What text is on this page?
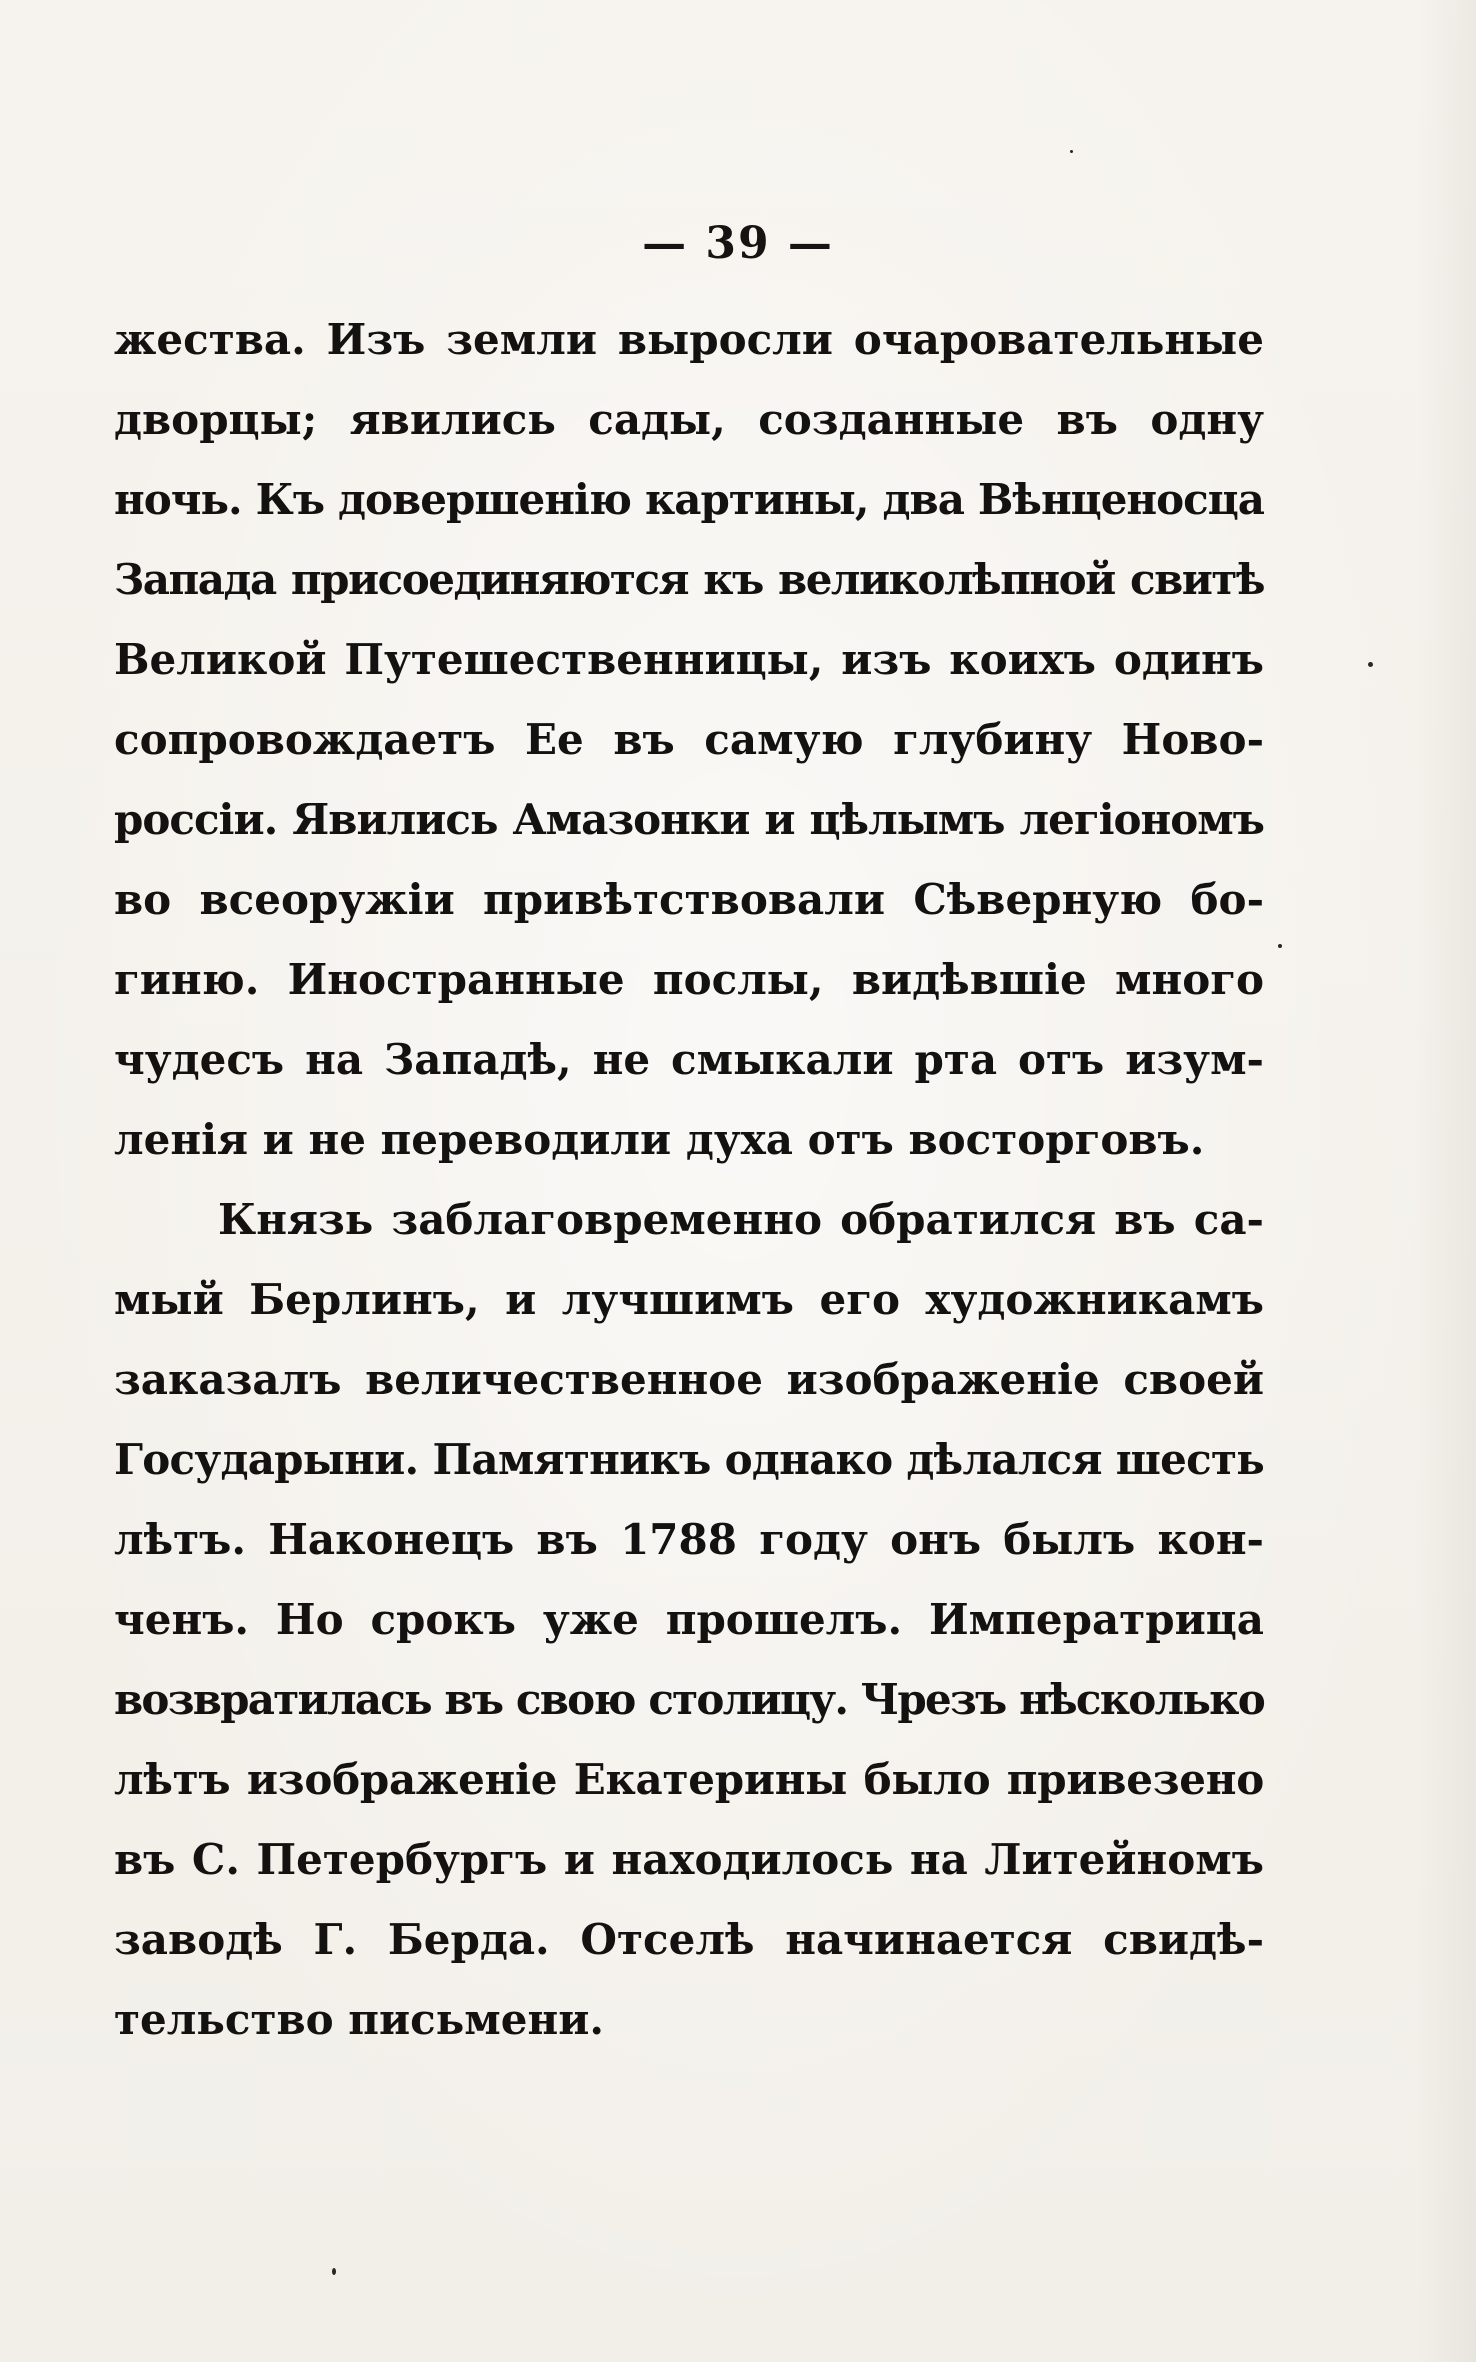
— 39 —

жества. Изъ земли выросли очаровательные
дворцы; явились сады, созданные въ одну
ночь. Къ довершенiю картины, два Вѣнценосца
Запада присоединяются къ великолѣпной свитѣ
Великой Путешественницы, изъ коихъ одинъ
сопровождаетъ Ее въ самую глубину Ново-
россiи. Явились Амазонки и цѣлымъ легiономъ
во всеоружiи привѣтствовали Сѣверную бо-
гиню. Иностранные послы, видѣвшiе много
чудесъ на Западѣ, не смыкали рта отъ изум-
ленiя и не переводили духа отъ восторговъ.
Князь заблаговременно обратился въ са-
мый Берлинъ, и лучшимъ его художникамъ
заказалъ величественное изображенiе своей
Государыни. Памятникъ однако дѣлался шесть
лѣтъ. Наконецъ въ 1788 году онъ былъ кон-
ченъ. Но срокъ уже прошелъ. Императрица
возвратилась въ свою столицу. Чрезъ нѣсколько
лѣтъ изображенiе Екатерины было привезено
въ С. Петербургъ и находилось на Литейномъ
заводѣ Г. Берда. Отселѣ начинается свидѣ-
тельство письмени.
